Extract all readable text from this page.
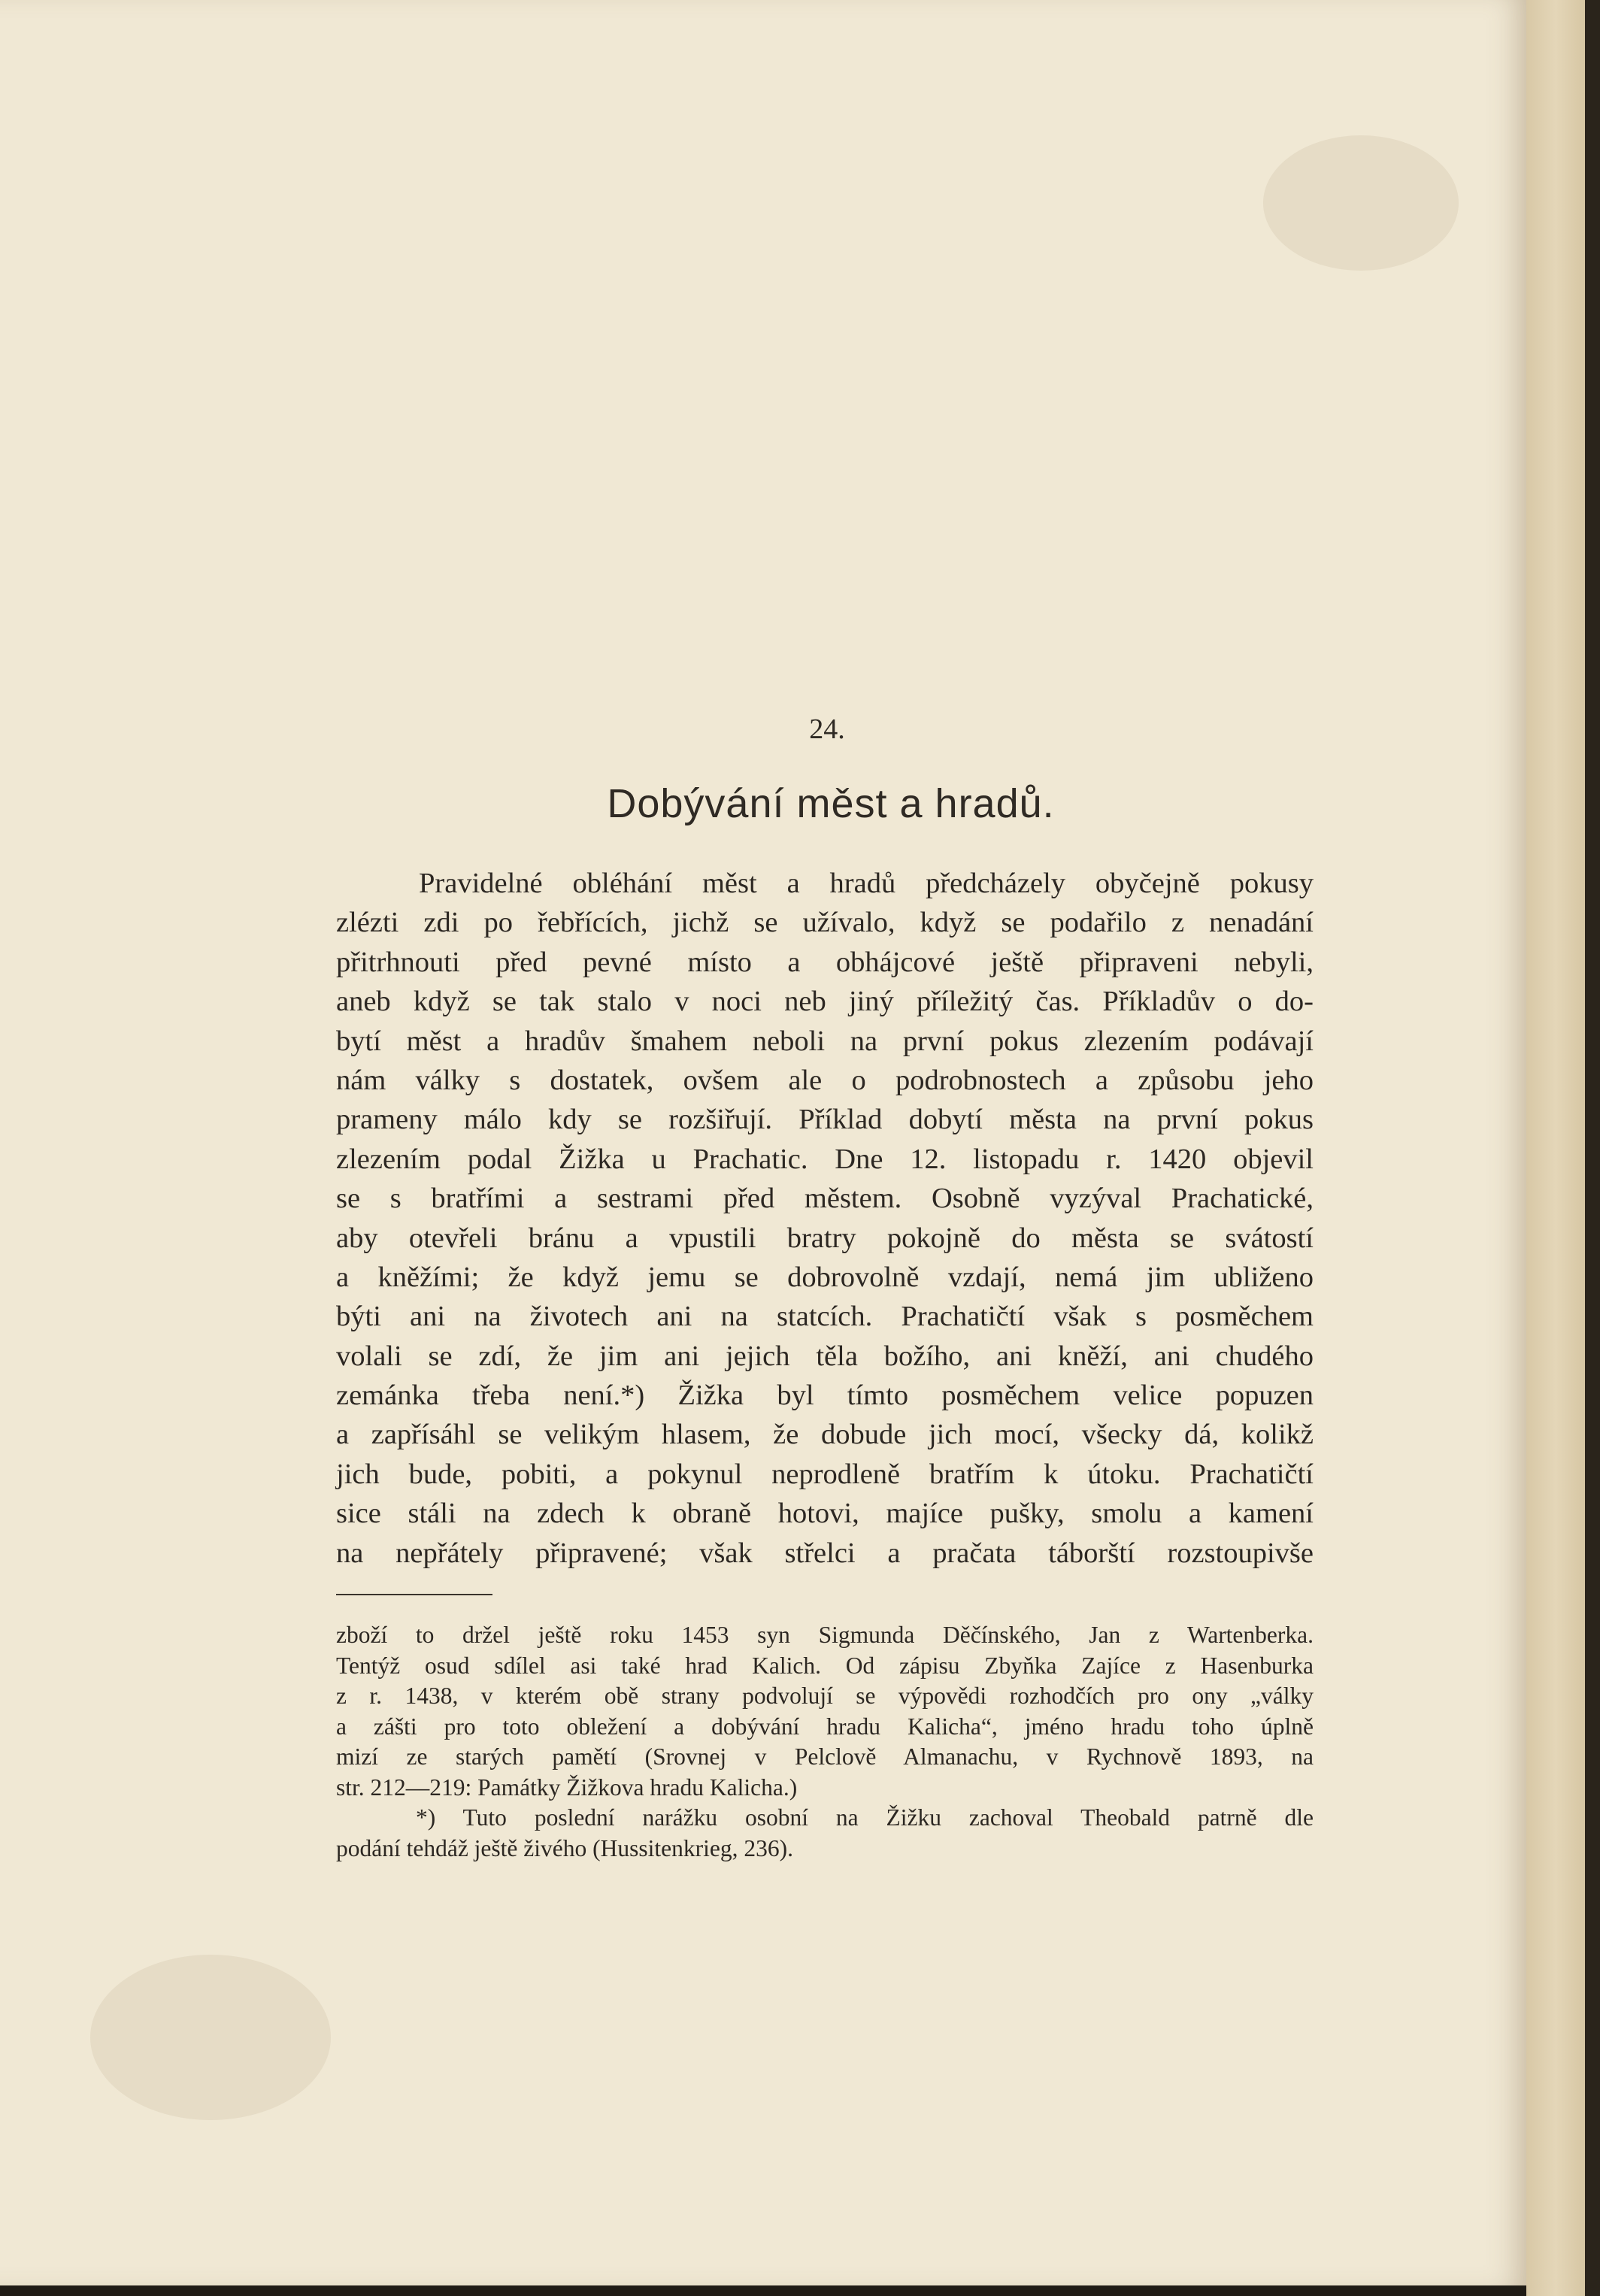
24.
Dobývání měst a hradů.
Pravidelné obléhání měst a hradů předcházely obyčejně pokusy
zlézti zdi po řebřících, jichž se užívalo, když se podařilo z nenadání
přitrhnouti před pevné místo a obhájcové ještě připraveni nebyli,
aneb když se tak stalo v noci neb jiný příležitý čas. Příkladův o do-
bytí měst a hradův šmahem neboli na první pokus zlezením podávají
nám války s dostatek, ovšem ale o podrobnostech a způsobu jeho
prameny málo kdy se rozšiřují. Příklad dobytí města na první pokus
zlezením podal Žižka u Prachatic. Dne 12. listopadu r. 1420 objevil
se s bratřími a sestrami před městem. Osobně vyzýval Prachatické,
aby otevřeli bránu a vpustili bratry pokojně do města se svátostí
a kněžími; že když jemu se dobrovolně vzdají, nemá jim ubliženo
býti ani na životech ani na statcích. Prachatičtí však s posměchem
volali se zdí, že jim ani jejich těla božího, ani kněží, ani chudého
zemánka třeba není.*) Žižka byl tímto posměchem velice popuzen
a zapřísáhl se velikým hlasem, že dobude jich mocí, všecky dá, kolikž
jich bude, pobiti, a pokynul neprodleně bratřím k útoku. Prachatičtí
sice stáli na zdech k obraně hotovi, majíce pušky, smolu a kamení
na nepřátely připravené; však střelci a pračata táborští rozstoupivše
zboží to držel ještě roku 1453 syn Sigmunda Děčínského, Jan z Wartenberka.
Tentýž osud sdílel asi také hrad Kalich. Od zápisu Zbyňka Zajíce z Hasenburka
z r. 1438, v kterém obě strany podvolují se výpovědi rozhodčích pro ony „války
a zášti pro toto obležení a dobývání hradu Kalicha“, jméno hradu toho úplně
mizí ze starých pamětí (Srovnej v Pelclově Almanachu, v Rychnově 1893, na
str. 212—219: Památky Žižkova hradu Kalicha.)
*) Tuto poslední narážku osobní na Žižku zachoval Theobald patrně dle
podání tehdáž ještě živého (Hussitenkrieg, 236).
